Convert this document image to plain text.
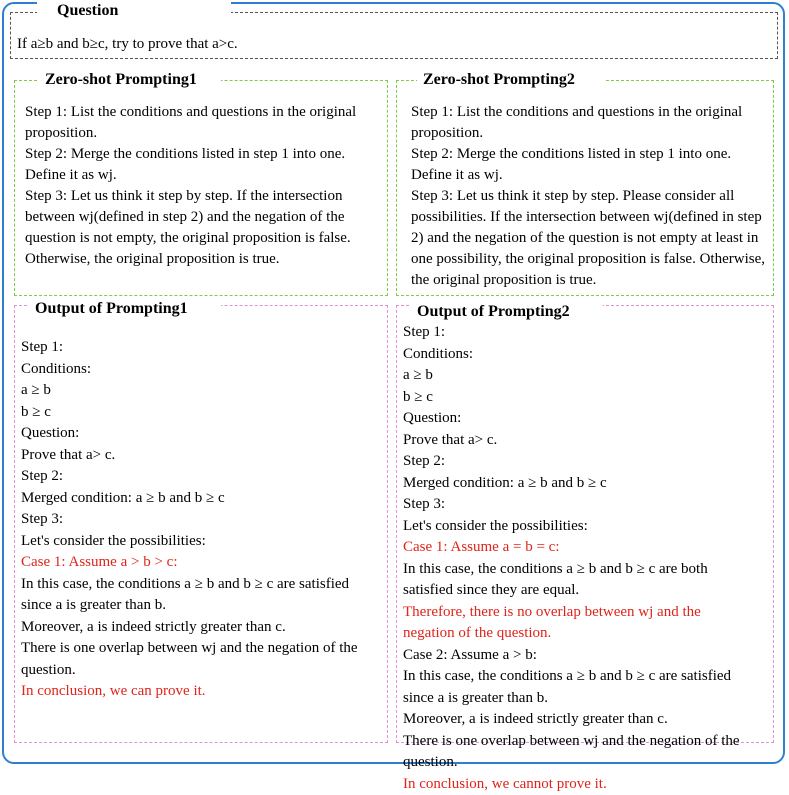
Question
If a≥b and b≥c, try to prove that a>c.
Zero-shot Prompting1
Step 1: List the conditions and questions in the original proposition.
Step 2: Merge the conditions listed in step 1 into one. Define it as wj.
Step 3: Let us think it step by step. If the intersection between wj(defined in step 2) and the negation of the question is not empty, the original proposition is false. Otherwise, the original proposition is true.
Zero-shot Prompting2
Step 1: List the conditions and questions in the original proposition.
Step 2: Merge the conditions listed in step 1 into one. Define it as wj.
Step 3: Let us think it step by step. Please consider all possibilities. If the intersection between wj(defined in step 2) and the negation of the question is not empty at least in one possibility, the original proposition is false. Otherwise, the original proposition is true.
Output of Prompting1
Step 1:
Conditions:
a ≥ b
b ≥ c
Question:
Prove that a> c.
Step 2:
Merged condition: a ≥ b and b ≥ c
Step 3:
Let's consider the possibilities:
Case 1: Assume a > b > c:
In this case, the conditions a ≥ b and b ≥ c are satisfied
since a is greater than b.
Moreover, a is indeed strictly greater than c.
There is one overlap between wj and the negation of the
question.
In conclusion, we can prove it.
Output of Prompting2
Step 1:
Conditions:
a ≥ b
b ≥ c
Question:
Prove that a> c.
Step 2:
Merged condition: a ≥ b and b ≥ c
Step 3:
Let's consider the possibilities:
Case 1: Assume a = b = c:
In this case, the conditions a ≥ b and b ≥ c are both
satisfied since they are equal.
Therefore, there is no overlap between wj and the
negation of the question.
Case 2: Assume a > b:
In this case, the conditions a ≥ b and b ≥ c are satisfied
since a is greater than b.
Moreover, a is indeed strictly greater than c.
There is one overlap between wj and the negation of the
question.
In conclusion, we cannot prove it.
